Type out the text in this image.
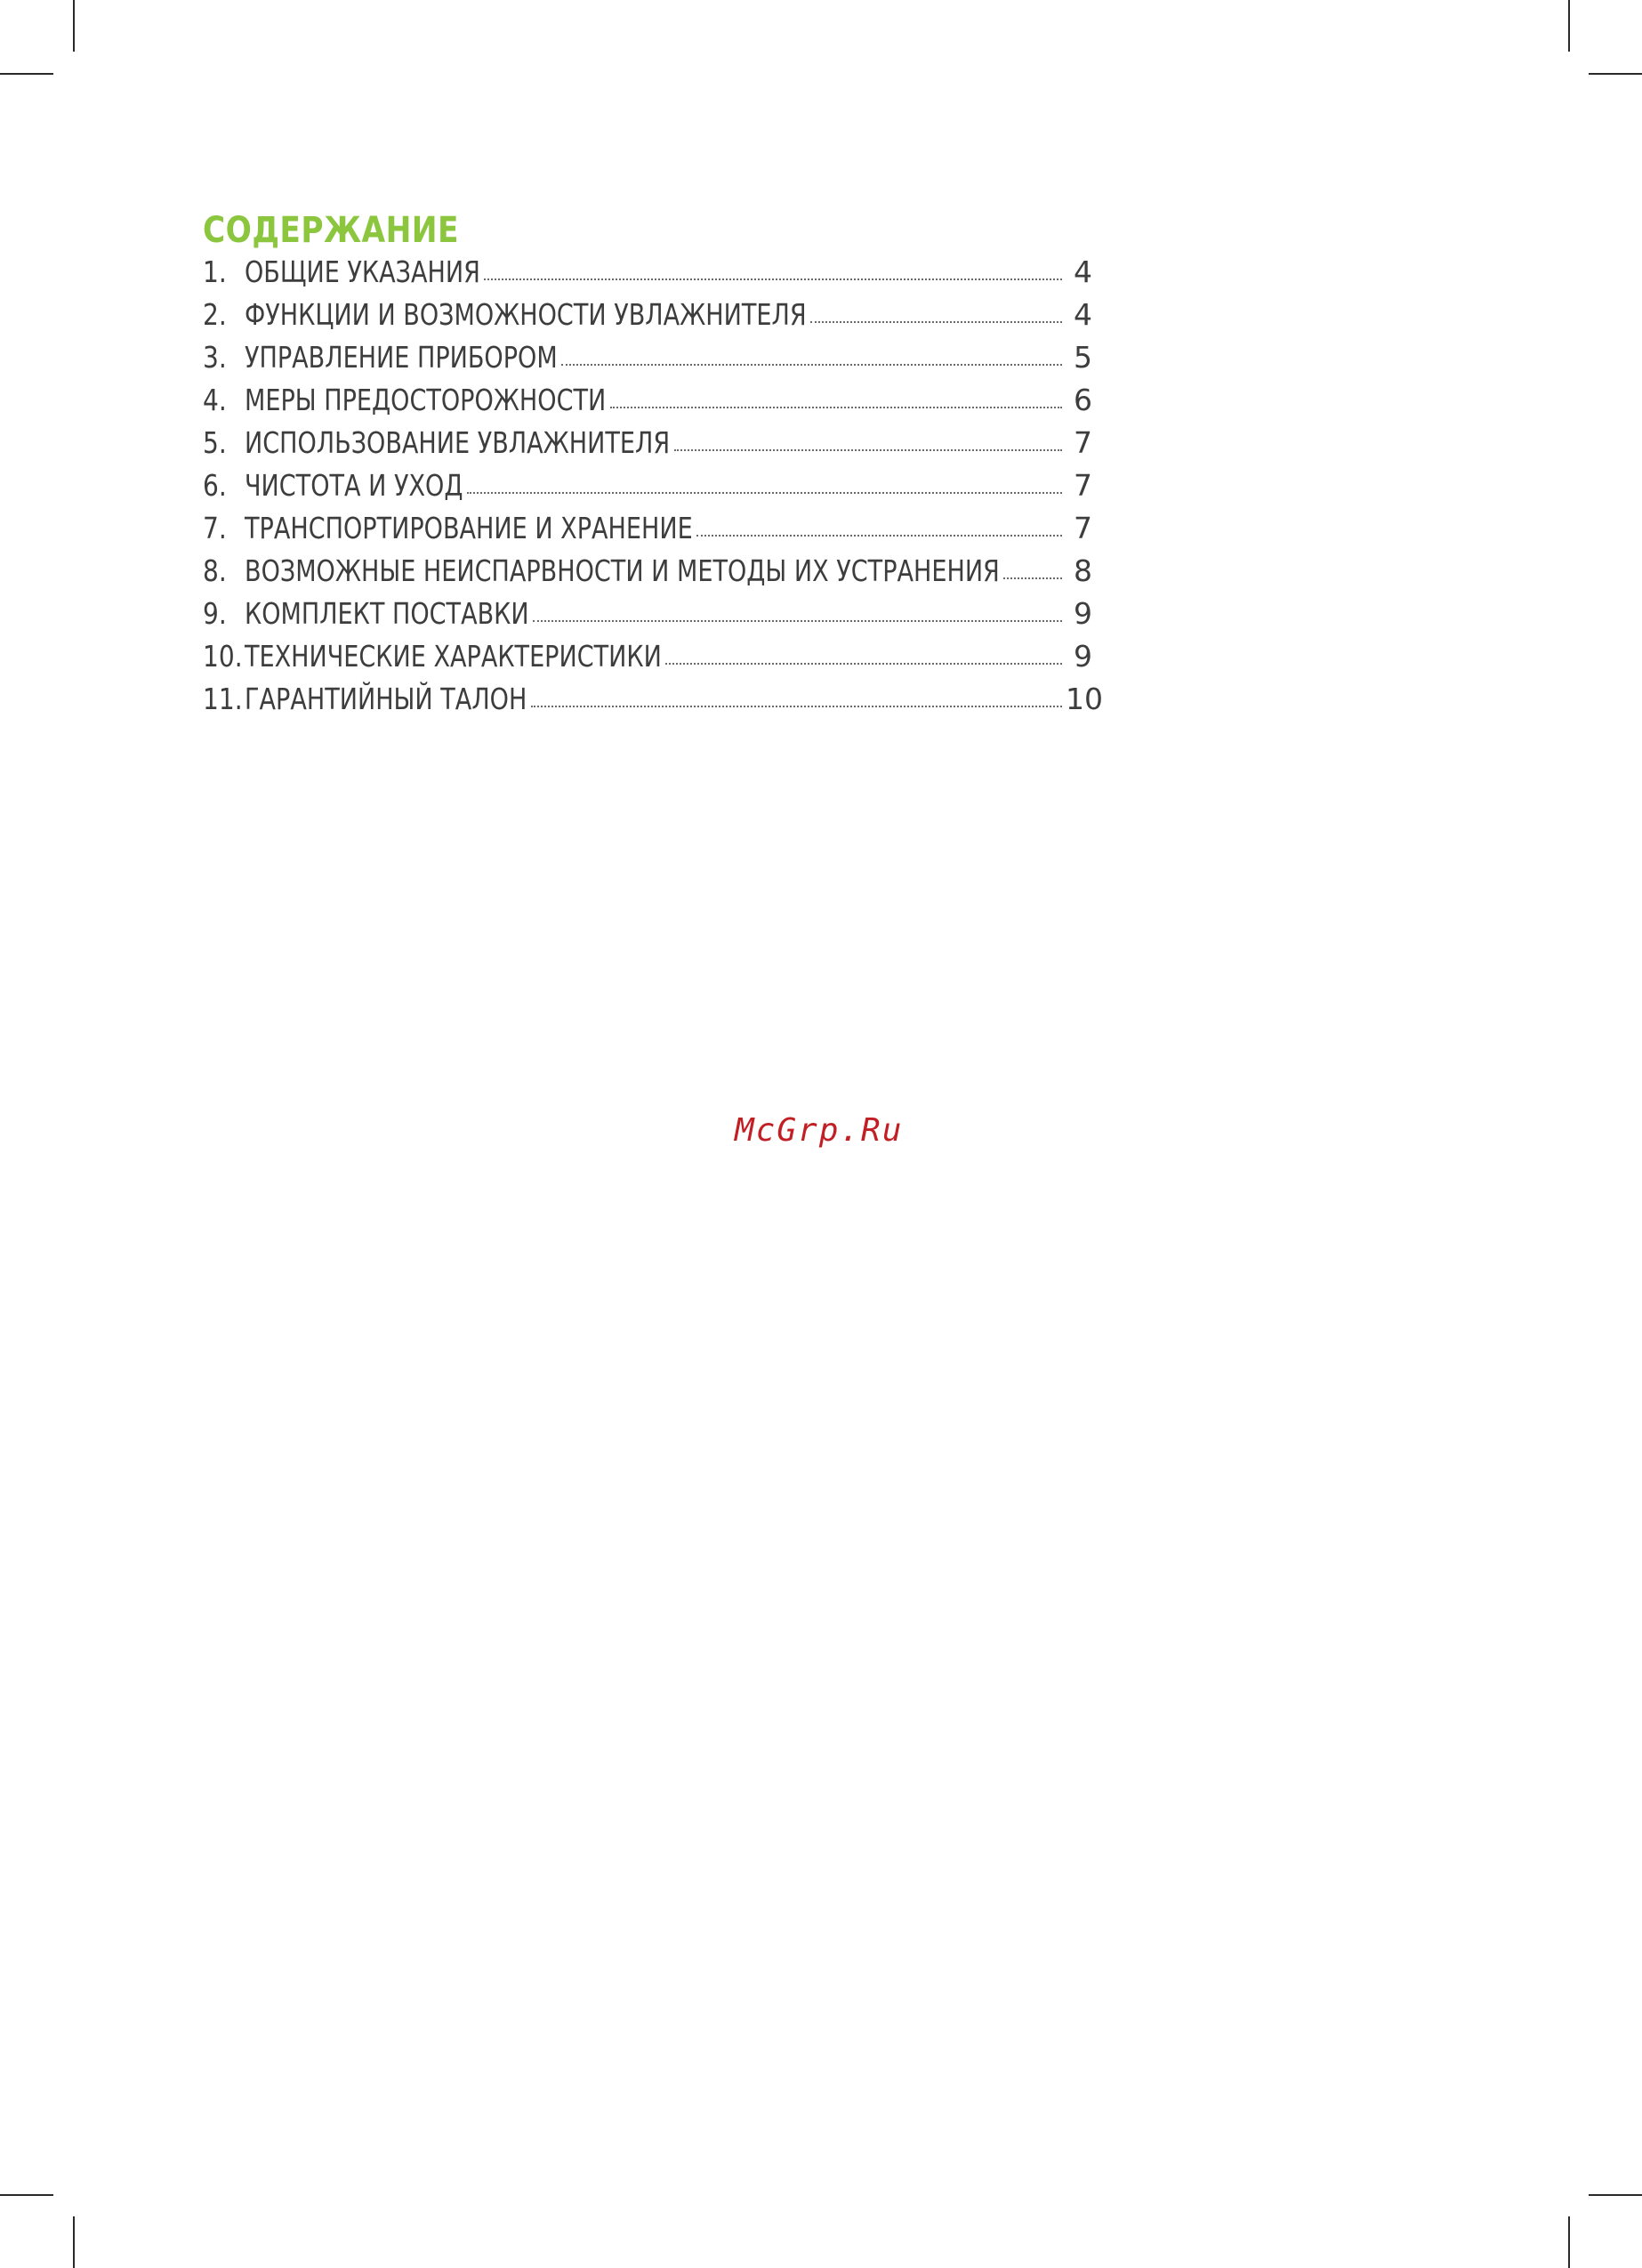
СОДЕРЖАНИЕ
1. ОБЩИЕ УКАЗАНИЯ	4
2. ФУНКЦИИ И ВОЗМОЖНОСТИ УВЛАЖНИТЕЛЯ	4
3. УПРАВЛЕНИЕ ПРИБОРОМ	5
4. МЕРЫ ПРЕДОСТОРОЖНОСТИ	6
5. ИСПОЛЬЗОВАНИЕ УВЛАЖНИТЕЛЯ	7
6. ЧИСТОТА И УХОД	7
7. ТРАНСПОРТИРОВАНИЕ И ХРАНЕНИЕ	7
8. ВОЗМОЖНЫЕ НЕИСПАРВНОСТИ И МЕТОДЫ ИХ УСТРАНЕНИЯ	8
9. КОМПЛЕКТ ПОСТАВКИ	9
10. ТЕХНИЧЕСКИЕ ХАРАКТЕРИСТИКИ	9
11. ГАРАНТИЙНЫЙ ТАЛОН	10
McGrp.Ru
